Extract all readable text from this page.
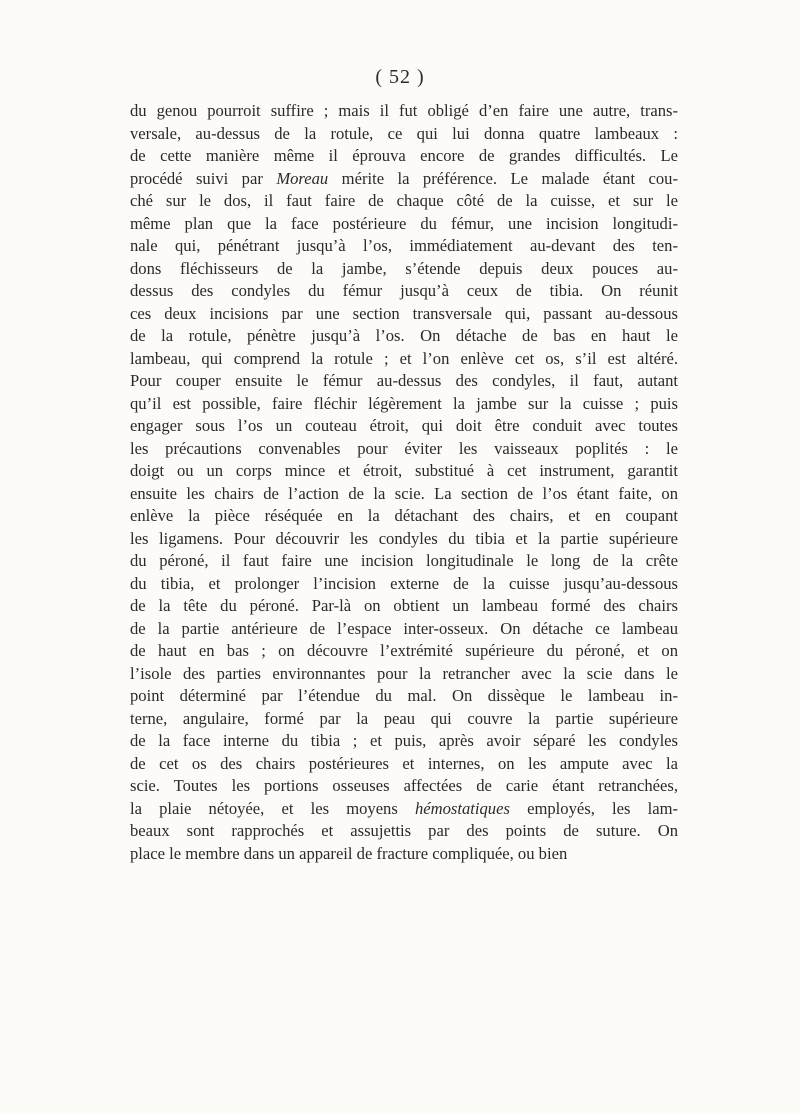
( 52 )
du genou pourroit suffire ; mais il fut obligé d’en faire une autre, trans-
versale, au-dessus de la rotule, ce qui lui donna quatre lambeaux :
de cette manière même il éprouva encore de grandes difficultés. Le
procédé suivi par Moreau mérite la préférence. Le malade étant cou-
ché sur le dos, il faut faire de chaque côté de la cuisse, et sur le
même plan que la face postérieure du fémur, une incision longitudi-
nale qui, pénétrant jusqu’à l’os, immédiatement au-devant des ten-
dons fléchisseurs de la jambe, s’étende depuis deux pouces au-
dessus des condyles du fémur jusqu’à ceux de tibia. On réunit
ces deux incisions par une section transversale qui, passant au-dessous
de la rotule, pénètre jusqu’à l’os. On détache de bas en haut le
lambeau, qui comprend la rotule ; et l’on enlève cet os, s’il est altéré.
Pour couper ensuite le fémur au-dessus des condyles, il faut, autant
qu’il est possible, faire fléchir légèrement la jambe sur la cuisse ; puis
engager sous l’os un couteau étroit, qui doit être conduit avec toutes
les précautions convenables pour éviter les vaisseaux poplités : le
doigt ou un corps mince et étroit, substitué à cet instrument, garantit
ensuite les chairs de l’action de la scie. La section de l’os étant faite, on
enlève la pièce réséquée en la détachant des chairs, et en coupant
les ligamens. Pour découvrir les condyles du tibia et la partie supérieure
du péroné, il faut faire une incision longitudinale le long de la crête
du tibia, et prolonger l’incision externe de la cuisse jusqu’au-dessous
de la tête du péroné. Par-là on obtient un lambeau formé des chairs
de la partie antérieure de l’espace inter-osseux. On détache ce lambeau
de haut en bas ; on découvre l’extrémité supérieure du péroné, et on
l’isole des parties environnantes pour la retrancher avec la scie dans le
point déterminé par l’étendue du mal. On dissèque le lambeau in-
terne, angulaire, formé par la peau qui couvre la partie supérieure
de la face interne du tibia ; et puis, après avoir séparé les condyles
de cet os des chairs postérieures et internes, on les ampute avec la
scie. Toutes les portions osseuses affectées de carie étant retranchées,
la plaie nétoyée, et les moyens hémostatiques employés, les lam-
beaux sont rapprochés et assujettis par des points de suture. On
place le membre dans un appareil de fracture compliquée, ou bien
